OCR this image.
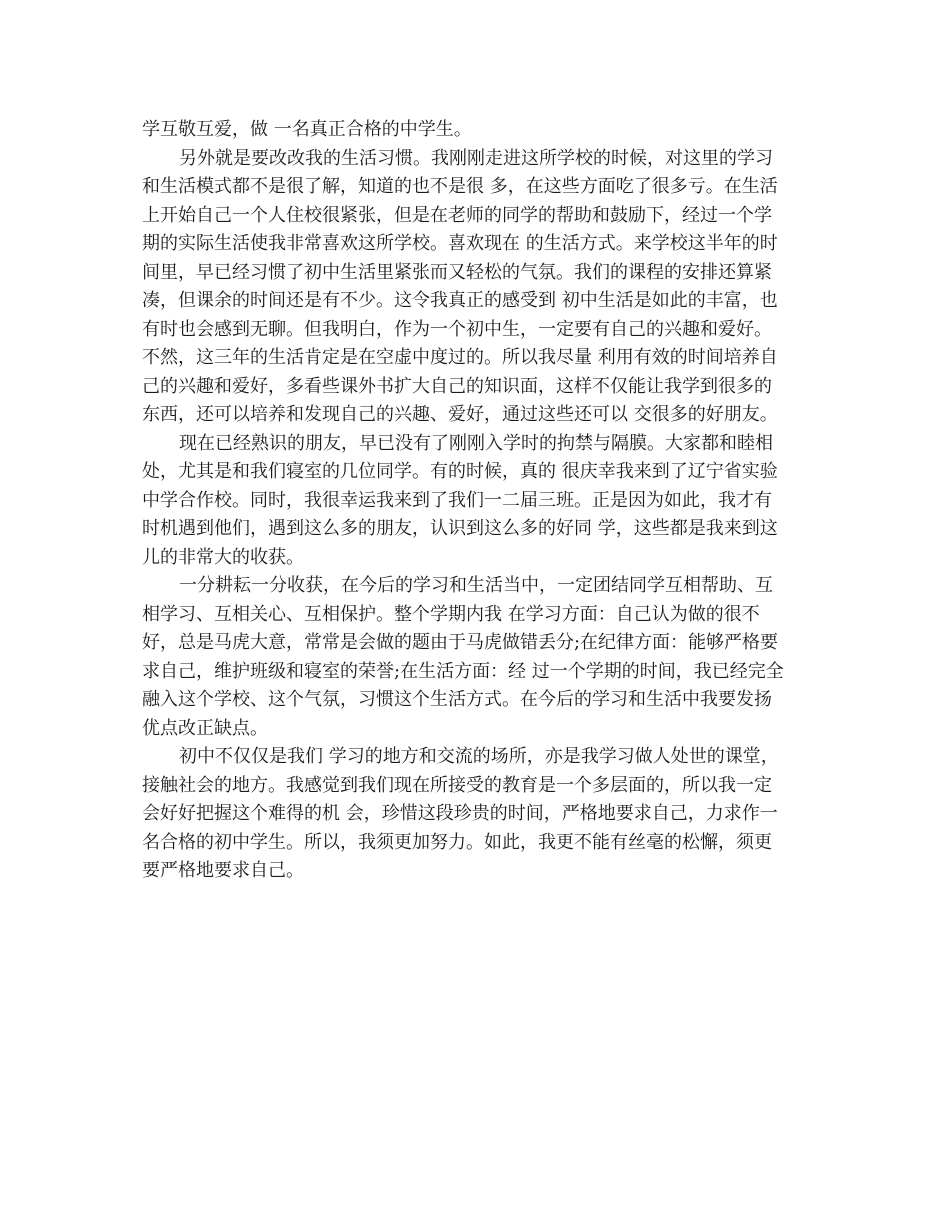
学互敬互爱，做 一名真正合格的中学生。
另外就是要改改我的生活习惯。我刚刚走进这所学校的时候，对这里的学习
和生活模式都不是很了解，知道的也不是很 多，在这些方面吃了很多亏。在生活
上开始自己一个人住校很紧张，但是在老师的同学的帮助和鼓励下，经过一个学
期的实际生活使我非常喜欢这所学校。喜欢现在 的生活方式。来学校这半年的时
间里，早已经习惯了初中生活里紧张而又轻松的气氛。我们的课程的安排还算紧
凑，但课余的时间还是有不少。这令我真正的感受到 初中生活是如此的丰富，也
有时也会感到无聊。但我明白，作为一个初中生，一定要有自己的兴趣和爱好。
不然，这三年的生活肯定是在空虚中度过的。所以我尽量 利用有效的时间培养自
己的兴趣和爱好，多看些课外书扩大自己的知识面，这样不仅能让我学到很多的
东西，还可以培养和发现自己的兴趣、爱好，通过这些还可以 交很多的好朋友。
现在已经熟识的朋友，早已没有了刚刚入学时的拘禁与隔膜。大家都和睦相
处，尤其是和我们寝室的几位同学。有的时候，真的 很庆幸我来到了辽宁省实验
中学合作校。同时，我很幸运我来到了我们一二届三班。正是因为如此，我才有
时机遇到他们，遇到这么多的朋友，认识到这么多的好同 学，这些都是我来到这
儿的非常大的收获。
一分耕耘一分收获，在今后的学习和生活当中，一定团结同学互相帮助、互
相学习、互相关心、互相保护。整个学期内我 在学习方面：自己认为做的很不
好，总是马虎大意，常常是会做的题由于马虎做错丢分;在纪律方面：能够严格要
求自己，维护班级和寝室的荣誉;在生活方面：经 过一个学期的时间，我已经完全
融入这个学校、这个气氛，习惯这个生活方式。在今后的学习和生活中我要发扬
优点改正缺点。
初中不仅仅是我们 学习的地方和交流的场所，亦是我学习做人处世的课堂，
接触社会的地方。我感觉到我们现在所接受的教育是一个多层面的，所以我一定
会好好把握这个难得的机 会，珍惜这段珍贵的时间，严格地要求自己，力求作一
名合格的初中学生。所以，我须更加努力。如此，我更不能有丝毫的松懈，须更
要严格地要求自己。
